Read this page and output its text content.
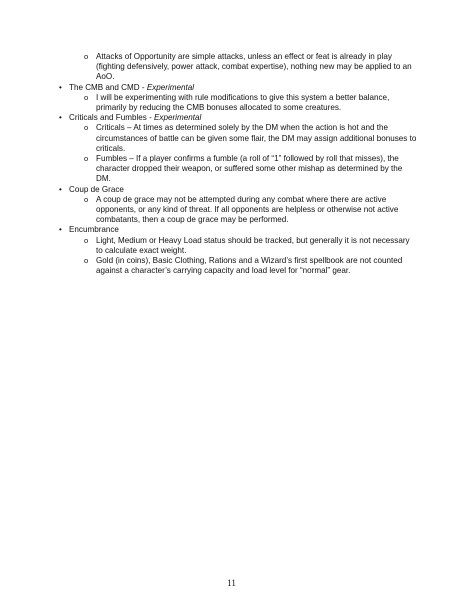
o Attacks of Opportunity are simple attacks, unless an effect or feat is already in play (fighting defensively, power attack, combat expertise), nothing new may be applied to an AoO.
• The CMB and CMD - Experimental
o I will be experimenting with rule modifications to give this system a better balance, primarily by reducing the CMB bonuses allocated to some creatures.
• Criticals and Fumbles - Experimental
o Criticals – At times as determined solely by the DM when the action is hot and the circumstances of battle can be given some flair, the DM may assign additional bonuses to criticals.
o Fumbles – If a player confirms a fumble (a roll of “1” followed by roll that misses), the character dropped their weapon, or suffered some other mishap as determined by the DM.
• Coup de Grace
o A coup de grace may not be attempted during any combat where there are active opponents, or any kind of threat. If all opponents are helpless or otherwise not active combatants, then a coup de grace may be performed.
• Encumbrance
o Light, Medium or Heavy Load status should be tracked, but generally it is not necessary to calculate exact weight.
o Gold (in coins), Basic Clothing, Rations and a Wizard’s first spellbook are not counted against a character’s carrying capacity and load level for “normal” gear.
11
